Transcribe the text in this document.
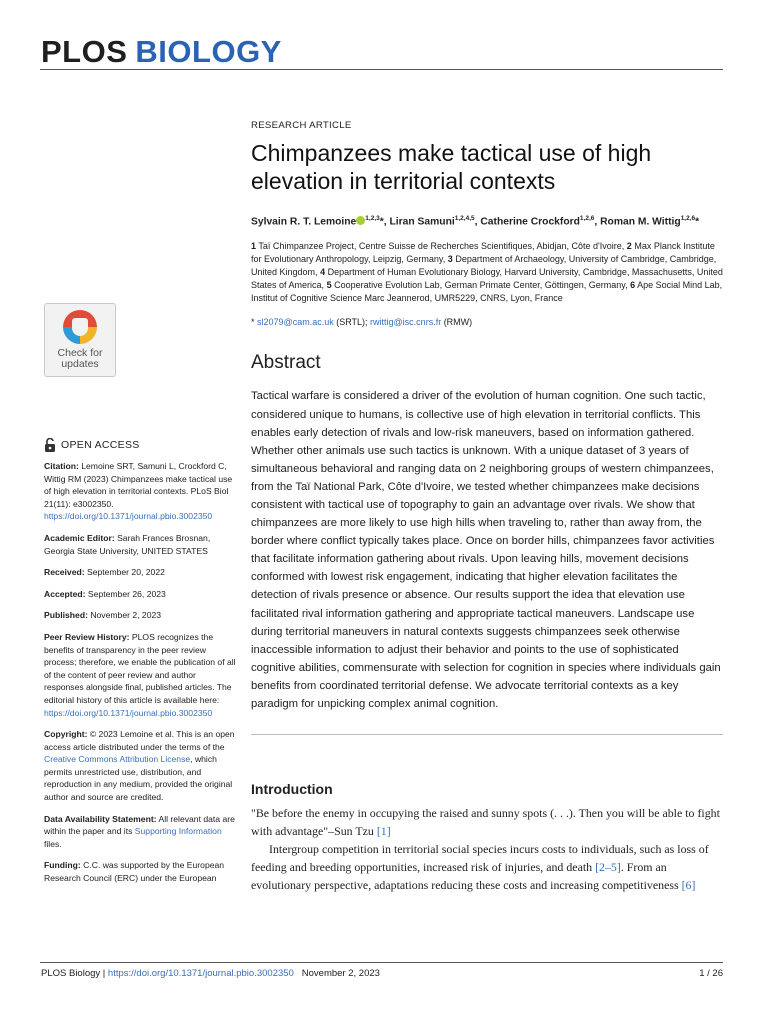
PLOS BIOLOGY
Check for
updates
OPEN ACCESS
Citation: Lemoine SRT, Samuni L, Crockford C, Wittig RM (2023) Chimpanzees make tactical use of high elevation in territorial contexts. PLoS Biol 21(11): e3002350. https://doi.org/10.1371/journal.pbio.3002350
Academic Editor: Sarah Frances Brosnan, Georgia State University, UNITED STATES
Received: September 20, 2022
Accepted: September 26, 2023
Published: November 2, 2023
Peer Review History: PLOS recognizes the benefits of transparency in the peer review process; therefore, we enable the publication of all of the content of peer review and author responses alongside final, published articles. The editorial history of this article is available here: https://doi.org/10.1371/journal.pbio.3002350
Copyright: © 2023 Lemoine et al. This is an open access article distributed under the terms of the Creative Commons Attribution License, which permits unrestricted use, distribution, and reproduction in any medium, provided the original author and source are credited.
Data Availability Statement: All relevant data are within the paper and its Supporting Information files.
Funding: C.C. was supported by the European Research Council (ERC) under the European
RESEARCH ARTICLE
Chimpanzees make tactical use of high elevation in territorial contexts
Sylvain R. T. Lemoine $^{1,2,3}$*, Liran Samuni$^{1,2,4,5}$, Catherine Crockford$^{1,2,6}$, Roman M. Wittig$^{1,2,6}$*
1 Taï Chimpanzee Project, Centre Suisse de Recherches Scientifiques, Abidjan, Côte d'Ivoire, 2 Max Planck Institute for Evolutionary Anthropology, Leipzig, Germany, 3 Department of Archaeology, University of Cambridge, Cambridge, United Kingdom, 4 Department of Human Evolutionary Biology, Harvard University, Cambridge, Massachusetts, United States of America, 5 Cooperative Evolution Lab, German Primate Center, Göttingen, Germany, 6 Ape Social Mind Lab, Institut of Cognitive Science Marc Jeannerod, UMR5229, CNRS, Lyon, France
* sl2079@cam.ac.uk (SRTL); rwittig@isc.cnrs.fr (RMW)
Abstract
Tactical warfare is considered a driver of the evolution of human cognition. One such tactic, considered unique to humans, is collective use of high elevation in territorial conflicts. This enables early detection of rivals and low-risk maneuvers, based on information gathered. Whether other animals use such tactics is unknown. With a unique dataset of 3 years of simultaneous behavioral and ranging data on 2 neighboring groups of western chimpanzees, from the Taï National Park, Côte d'Ivoire, we tested whether chimpanzees make decisions consistent with tactical use of topography to gain an advantage over rivals. We show that chimpanzees are more likely to use high hills when traveling to, rather than away from, the border where conflict typically takes place. Once on border hills, chimpanzees favor activities that facilitate information gathering about rivals. Upon leaving hills, movement decisions conformed with lowest risk engagement, indicating that higher elevation facilitates the detection of rivals presence or absence. Our results support the idea that elevation use facilitated rival information gathering and appropriate tactical maneuvers. Landscape use during territorial maneuvers in natural contexts suggests chimpanzees seek otherwise inaccessible information to adjust their behavior and points to the use of sophisticated cognitive abilities, commensurate with selection for cognition in species where individuals gain benefits from coordinated territorial defense. We advocate territorial contexts as a key paradigm for unpicking complex animal cognition.
Introduction

"Be before the enemy in occupying the raised and sunny spots (. . .). Then you will be able to fight with advantage"–Sun Tzu [1]

Intergroup competition in territorial social species incurs costs to individuals, such as loss of feeding and breeding opportunities, increased risk of injuries, and death [2–5]. From an evolutionary perspective, adaptations reducing these costs and increasing competitiveness [6]

PLOS Biology | https://doi.org/10.1371/journal.pbio.3002350 November 2, 2023	1 / 26
